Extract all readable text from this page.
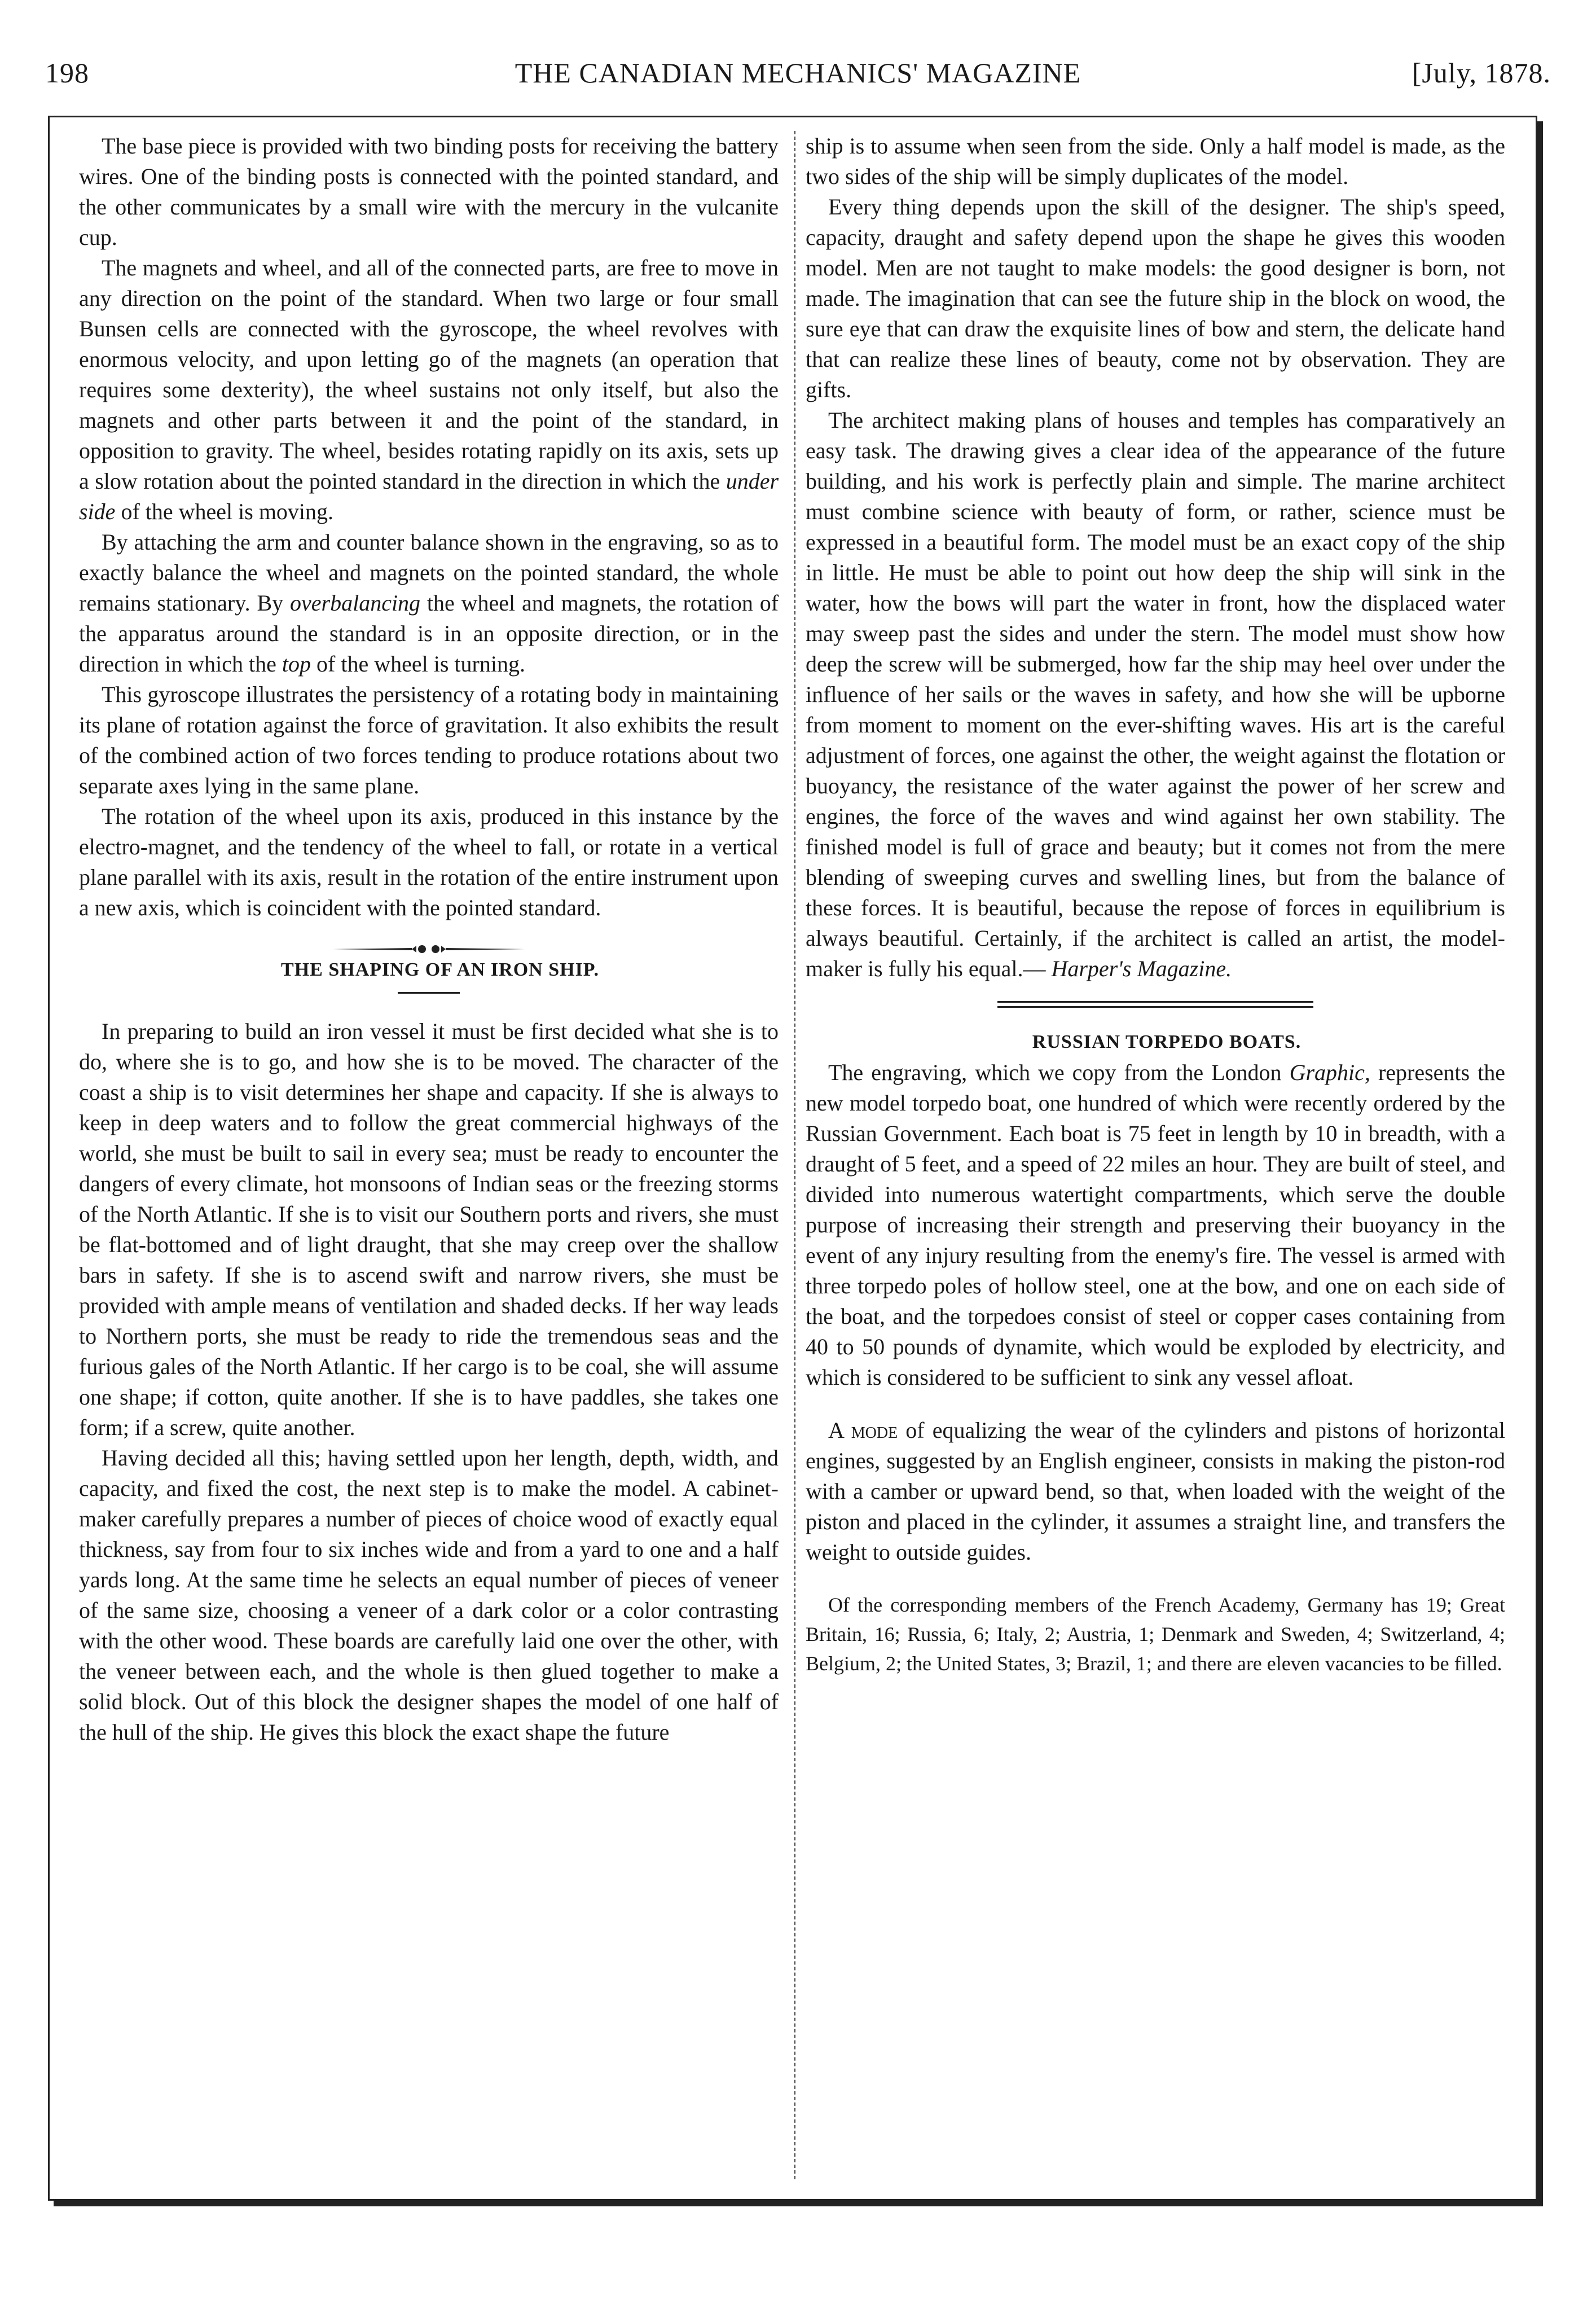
198	THE CANADIAN MECHANICS' MAGAZINE	[July, 1878.

The base piece is provided with two binding posts for receiving the battery wires. One of the binding posts is connected with the pointed standard, and the other communicates by a small wire with the mercury in the vulcanite cup.

The magnets and wheel, and all of the connected parts, are free to move in any direction on the point of the standard. When two large or four small Bunsen cells are connected with the gyroscope, the wheel revolves with enormous velocity, and upon letting go of the magnets (an operation that requires some dexterity), the wheel sustains not only itself, but also the magnets and other parts between it and the point of the standard, in opposition to gravity. The wheel, besides rotating rapidly on its axis, sets up a slow rotation about the pointed standard in the direction in which the under side of the wheel is moving.

By attaching the arm and counter balance shown in the engraving, so as to exactly balance the wheel and magnets on the pointed standard, the whole remains stationary. By overbalancing the wheel and magnets, the rotation of the apparatus around the standard is in an opposite direction, or in the direction in which the top of the wheel is turning.

This gyroscope illustrates the persistency of a rotating body in maintaining its plane of rotation against the force of gravitation. It also exhibits the result of the combined action of two forces tending to produce rotations about two separate axes lying in the same plane.

The rotation of the wheel upon its axis, produced in this instance by the electro-magnet, and the tendency of the wheel to fall, or rotate in a vertical plane parallel with its axis, result in the rotation of the entire instrument upon a new axis, which is coincident with the pointed standard.

THE SHAPING OF AN IRON SHIP.

In preparing to build an iron vessel it must be first decided what she is to do, where she is to go, and how she is to be moved. The character of the coast a ship is to visit determines her shape and capacity. If she is always to keep in deep waters and to follow the great commercial highways of the world, she must be built to sail in every sea; must be ready to encounter the dangers of every climate, hot monsoons of Indian seas or the freezing storms of the North Atlantic. If she is to visit our Southern ports and rivers, she must be flat-bottomed and of light draught, that she may creep over the shallow bars in safety. If she is to ascend swift and narrow rivers, she must be provided with ample means of ventilation and shaded decks. If her way leads to Northern ports, she must be ready to ride the tremendous seas and the furious gales of the North Atlantic. If her cargo is to be coal, she will assume one shape; if cotton, quite another. If she is to have paddles, she takes one form; if a screw, quite another.

Having decided all this; having settled upon her length, depth, width, and capacity, and fixed the cost, the next step is to make the model. A cabinet-maker carefully prepares a number of pieces of choice wood of exactly equal thickness, say from four to six inches wide and from a yard to one and a half yards long. At the same time he selects an equal number of pieces of veneer of the same size, choosing a veneer of a dark color or a color contrasting with the other wood. These boards are carefully laid one over the other, with the veneer between each, and the whole is then glued together to make a solid block. Out of this block the designer shapes the model of one half of the hull of the ship. He gives this block the exact shape the future

ship is to assume when seen from the side. Only a half model is made, as the two sides of the ship will be simply duplicates of the model.

Every thing depends upon the skill of the designer. The ship's speed, capacity, draught and safety depend upon the shape he gives this wooden model. Men are not taught to make models: the good designer is born, not made. The imagination that can see the future ship in the block on wood, the sure eye that can draw the exquisite lines of bow and stern, the delicate hand that can realize these lines of beauty, come not by observation. They are gifts.

The architect making plans of houses and temples has comparatively an easy task. The drawing gives a clear idea of the appearance of the future building, and his work is perfectly plain and simple. The marine architect must combine science with beauty of form, or rather, science must be expressed in a beautiful form. The model must be an exact copy of the ship in little. He must be able to point out how deep the ship will sink in the water, how the bows will part the water in front, how the displaced water may sweep past the sides and under the stern. The model must show how deep the screw will be submerged, how far the ship may heel over under the influence of her sails or the waves in safety, and how she will be upborne from moment to moment on the ever-shifting waves. His art is the careful adjustment of forces, one against the other, the weight against the flotation or buoyancy, the resistance of the water against the power of her screw and engines, the force of the waves and wind against her own stability. The finished model is full of grace and beauty; but it comes not from the mere blending of sweeping curves and swelling lines, but from the balance of these forces. It is beautiful, because the repose of forces in equilibrium is always beautiful. Certainly, if the architect is called an artist, the model-maker is fully his equal.— Harper's Magazine.

RUSSIAN TORPEDO BOATS.

The engraving, which we copy from the London Graphic, represents the new model torpedo boat, one hundred of which were recently ordered by the Russian Government. Each boat is 75 feet in length by 10 in breadth, with a draught of 5 feet, and a speed of 22 miles an hour. They are built of steel, and divided into numerous watertight compartments, which serve the double purpose of increasing their strength and preserving their buoyancy in the event of any injury resulting from the enemy's fire. The vessel is armed with three torpedo poles of hollow steel, one at the bow, and one on each side of the boat, and the torpedoes consist of steel or copper cases containing from 40 to 50 pounds of dynamite, which would be exploded by electricity, and which is considered to be sufficient to sink any vessel afloat.

A mode of equalizing the wear of the cylinders and pistons of horizontal engines, suggested by an English engineer, consists in making the piston-rod with a camber or upward bend, so that, when loaded with the weight of the piston and placed in the cylinder, it assumes a straight line, and transfers the weight to outside guides.

Of the corresponding members of the French Academy, Germany has 19; Great Britain, 16; Russia, 6; Italy, 2; Austria, 1; Denmark and Sweden, 4; Switzerland, 4; Belgium, 2; the United States, 3; Brazil, 1; and there are eleven vacancies to be filled.
